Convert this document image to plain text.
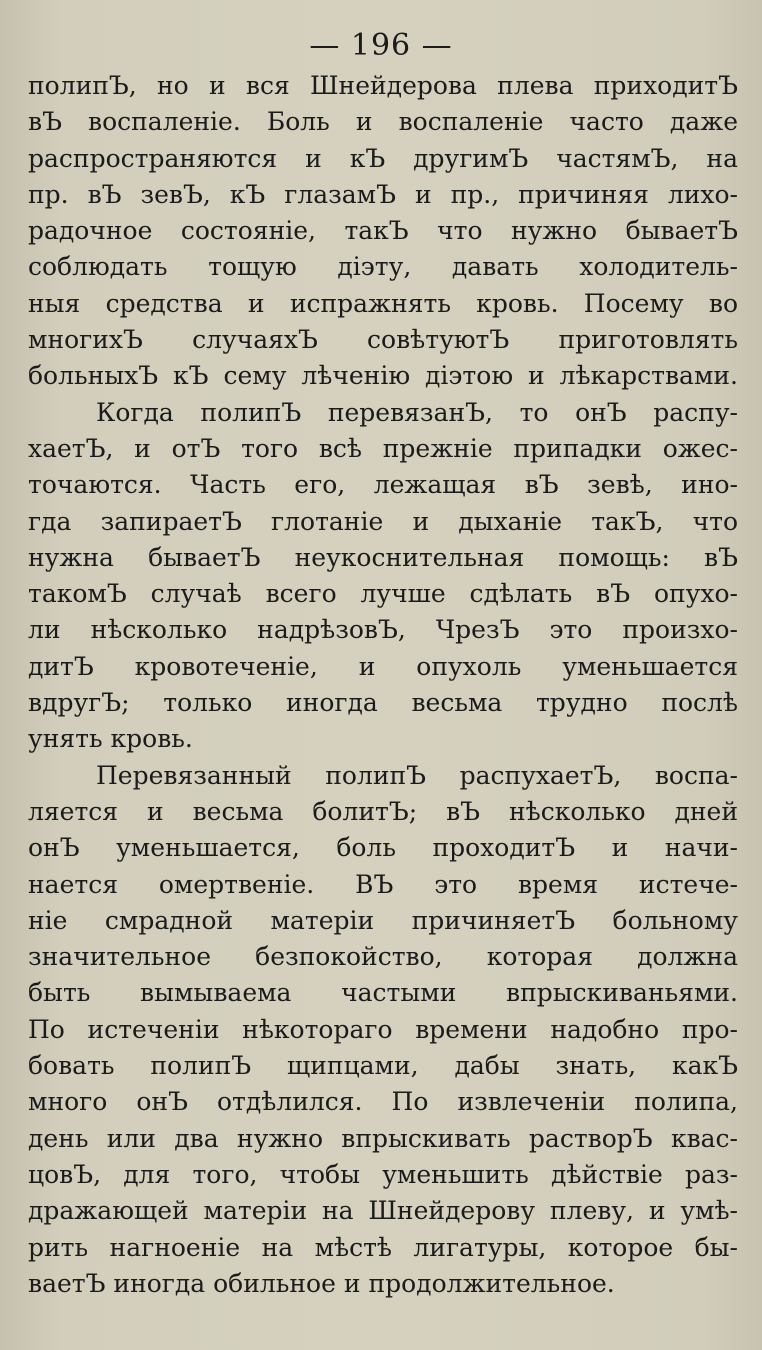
— 196 —
полипЪ, но и вся Шнейдерова плева приходитЪ
вЪ воспаленіе. Боль и воспаленіе часто даже
распространяются и кЪ другимЪ частямЪ, на
пр. вЪ зевЪ, кЪ глазамЪ и пр., причиняя лихо-
радочное состояніе, такЪ что нужно бываетЪ
соблюдать тощую діэту, давать холодитель-
ныя средства и испражнять кровь. Посему во
многихЪ случаяхЪ совѣтуютЪ приготовлять
больныхЪ кЪ сему лѣченію діэтою и лѣкарствами.
Когда полипЪ перевязанЪ, то онЪ распу-
хаетЪ, и отЪ того всѣ прежніе припадки ожес-
точаются. Часть его, лежащая вЪ зевѣ, ино-
гда запираетЪ глотаніе и дыханіе такЪ, что
нужна бываетЪ неукоснительная помощь: вЪ
такомЪ случаѣ всего лучше сдѣлать вЪ опухо-
ли нѣсколько надрѣзовЪ, ЧрезЪ это произхо-
дитЪ кровотеченіе, и опухоль уменьшается
вдругЪ; только иногда весьма трудно послѣ
унять кровь.
Перевязанный полипЪ распухаетЪ, воспа-
ляется и весьма болитЪ; вЪ нѣсколько дней
онЪ уменьшается, боль проходитЪ и начи-
нается омертвеніе. ВЪ это время истече-
ніе смрадной матеріи причиняетЪ больному
значительное безпокойство, которая должна
быть вымываема частыми впрыскиваньями.
По истеченіи нѣкотораго времени надобно про-
бовать полипЪ щипцами, дабы знать, какЪ
много онЪ отдѣлился. По извлеченіи полипа,
день или два нужно впрыскивать растворЪ квас-
цовЪ, для того, чтобы уменьшить дѣйствіе раз-
дражающей матеріи на Шнейдерову плеву, и умѣ-
рить нагноеніе на мѣстѣ лигатуры, которое бы-
ваетЪ иногда обильное и продолжительное.
